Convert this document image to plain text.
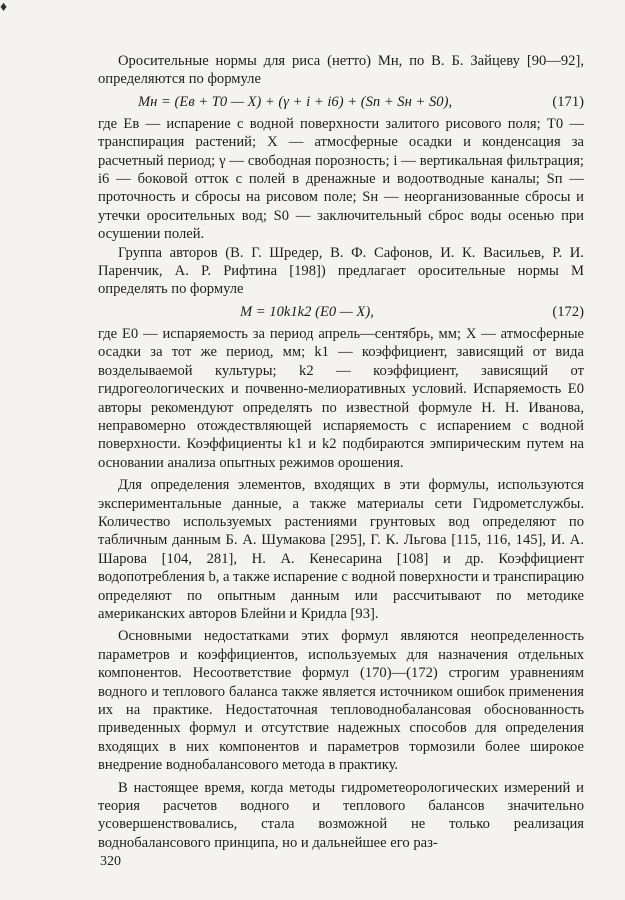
♦

Оросительные нормы для риса (нетто) Mн, по В. Б. Зайцеву [90—92], определяются по формуле

Mн = (Eв + T0 — X) + (γ + i + i6) + (Sп + Sн + S0),	(171)

где Eв — испарение с водной поверхности залитого рисового поля; T0 — транспирация растений; X — атмосферные осадки и конденсация за расчетный период; γ — свободная порозность; i — вертикальная фильтрация; i6 — боковой отток с полей в дренажные и водоотводные каналы; Sп — проточность и сбросы на рисовом поле; Sн — неорганизованные сбросы и утечки оросительных вод; S0 — заключительный сброс воды осенью при осушении полей.

Группа авторов (В. Г. Шредер, В. Ф. Сафонов, И. К. Васильев, Р. И. Паренчик, А. Р. Рифтина [198]) предлагает оросительные нормы M определять по формуле

M = 10k1k2 (E0 — X),	(172)

где E0 — испаряемость за период апрель—сентябрь, мм; X — атмосферные осадки за тот же период, мм; k1 — коэффициент, зависящий от вида возделываемой культуры; k2 — коэффициент, зависящий от гидрогеологических и почвенно-мелиоративных условий. Испаряемость E0 авторы рекомендуют определять по известной формуле Н. Н. Иванова, неправомерно отождествляющей испаряемость с испарением с водной поверхности. Коэффициенты k1 и k2 подбираются эмпирическим путем на основании анализа опытных режимов орошения.

Для определения элементов, входящих в эти формулы, используются экспериментальные данные, а также материалы сети Гидрометслужбы. Количество используемых растениями грунтовых вод определяют по табличным данным Б. А. Шумакова [295], Г. К. Льгова [115, 116, 145], И. А. Шарова [104, 281], Н. А. Кенесарина [108] и др. Коэффициент водопотребления b, а также испарение с водной поверхности и транспирацию определяют по опытным данным или рассчитывают по методике американских авторов Блейни и Кридла [93].

Основными недостатками этих формул являются неопределенность параметров и коэффициентов, используемых для назначения отдельных компонентов. Несоответствие формул (170)—(172) строгим уравнениям водного и теплового баланса также является источником ошибок применения их на практике. Недостаточная тепловоднобалансовая обоснованность приведенных формул и отсутствие надежных способов для определения входящих в них компонентов и параметров тормозили более широкое внедрение воднобалансового метода в практику.

В настоящее время, когда методы гидрометеорологических измерений и теория расчетов водного и теплового балансов значительно усовершенствовались, стала возможной не только реализация воднобалансового принципа, но и дальнейшее его раз-

320
